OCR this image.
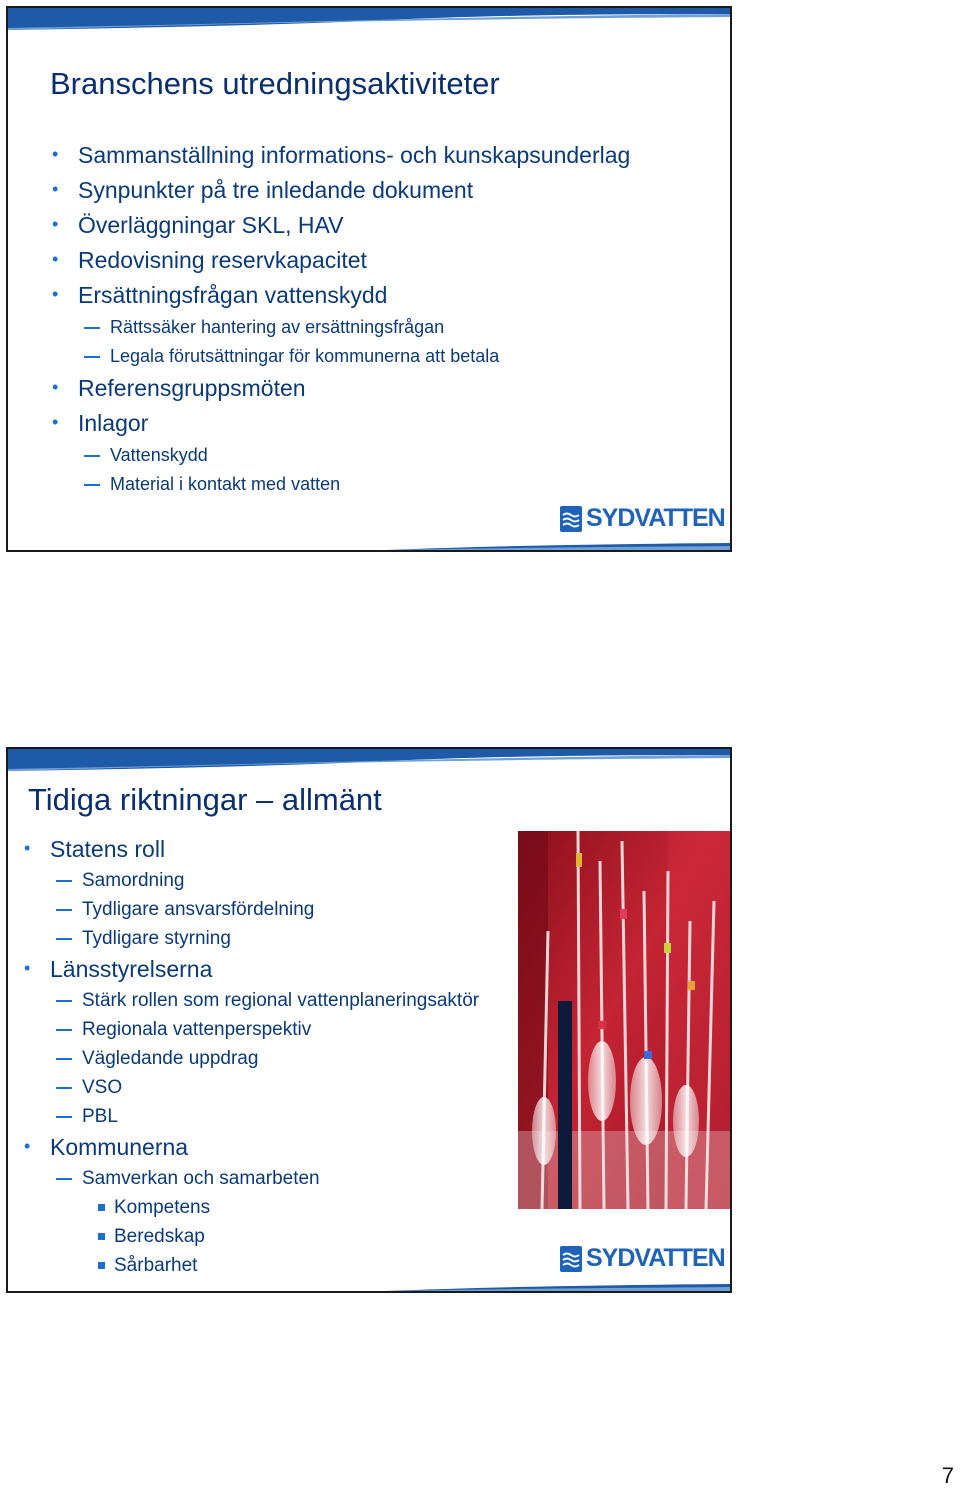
Branschens utredningsaktiviteter
• Sammanställning informations- och kunskapsunderlag
• Synpunkter på tre inledande dokument
• Överläggningar SKL, HAV
• Redovisning reservkapacitet
• Ersättningsfrågan vattenskydd
Rättssäker hantering av ersättningsfrågan
Legala förutsättningar för kommunerna att betala
• Referensgruppsmöten
• Inlagor
Vattenskydd
Material i kontakt med vatten
SYDVATTEN
Tidiga riktningar – allmänt
• Statens roll
Samordning
Tydligare ansvarsfördelning
Tydligare styrning
• Länsstyrelserna
Stärk rollen som regional vattenplaneringsaktör
Regionala vattenperspektiv
Vägledande uppdrag
VSO
PBL
• Kommunerna
Samverkan och samarbeten
Kompetens
Beredskap
Sårbarhet	SYDVATTEN
7
